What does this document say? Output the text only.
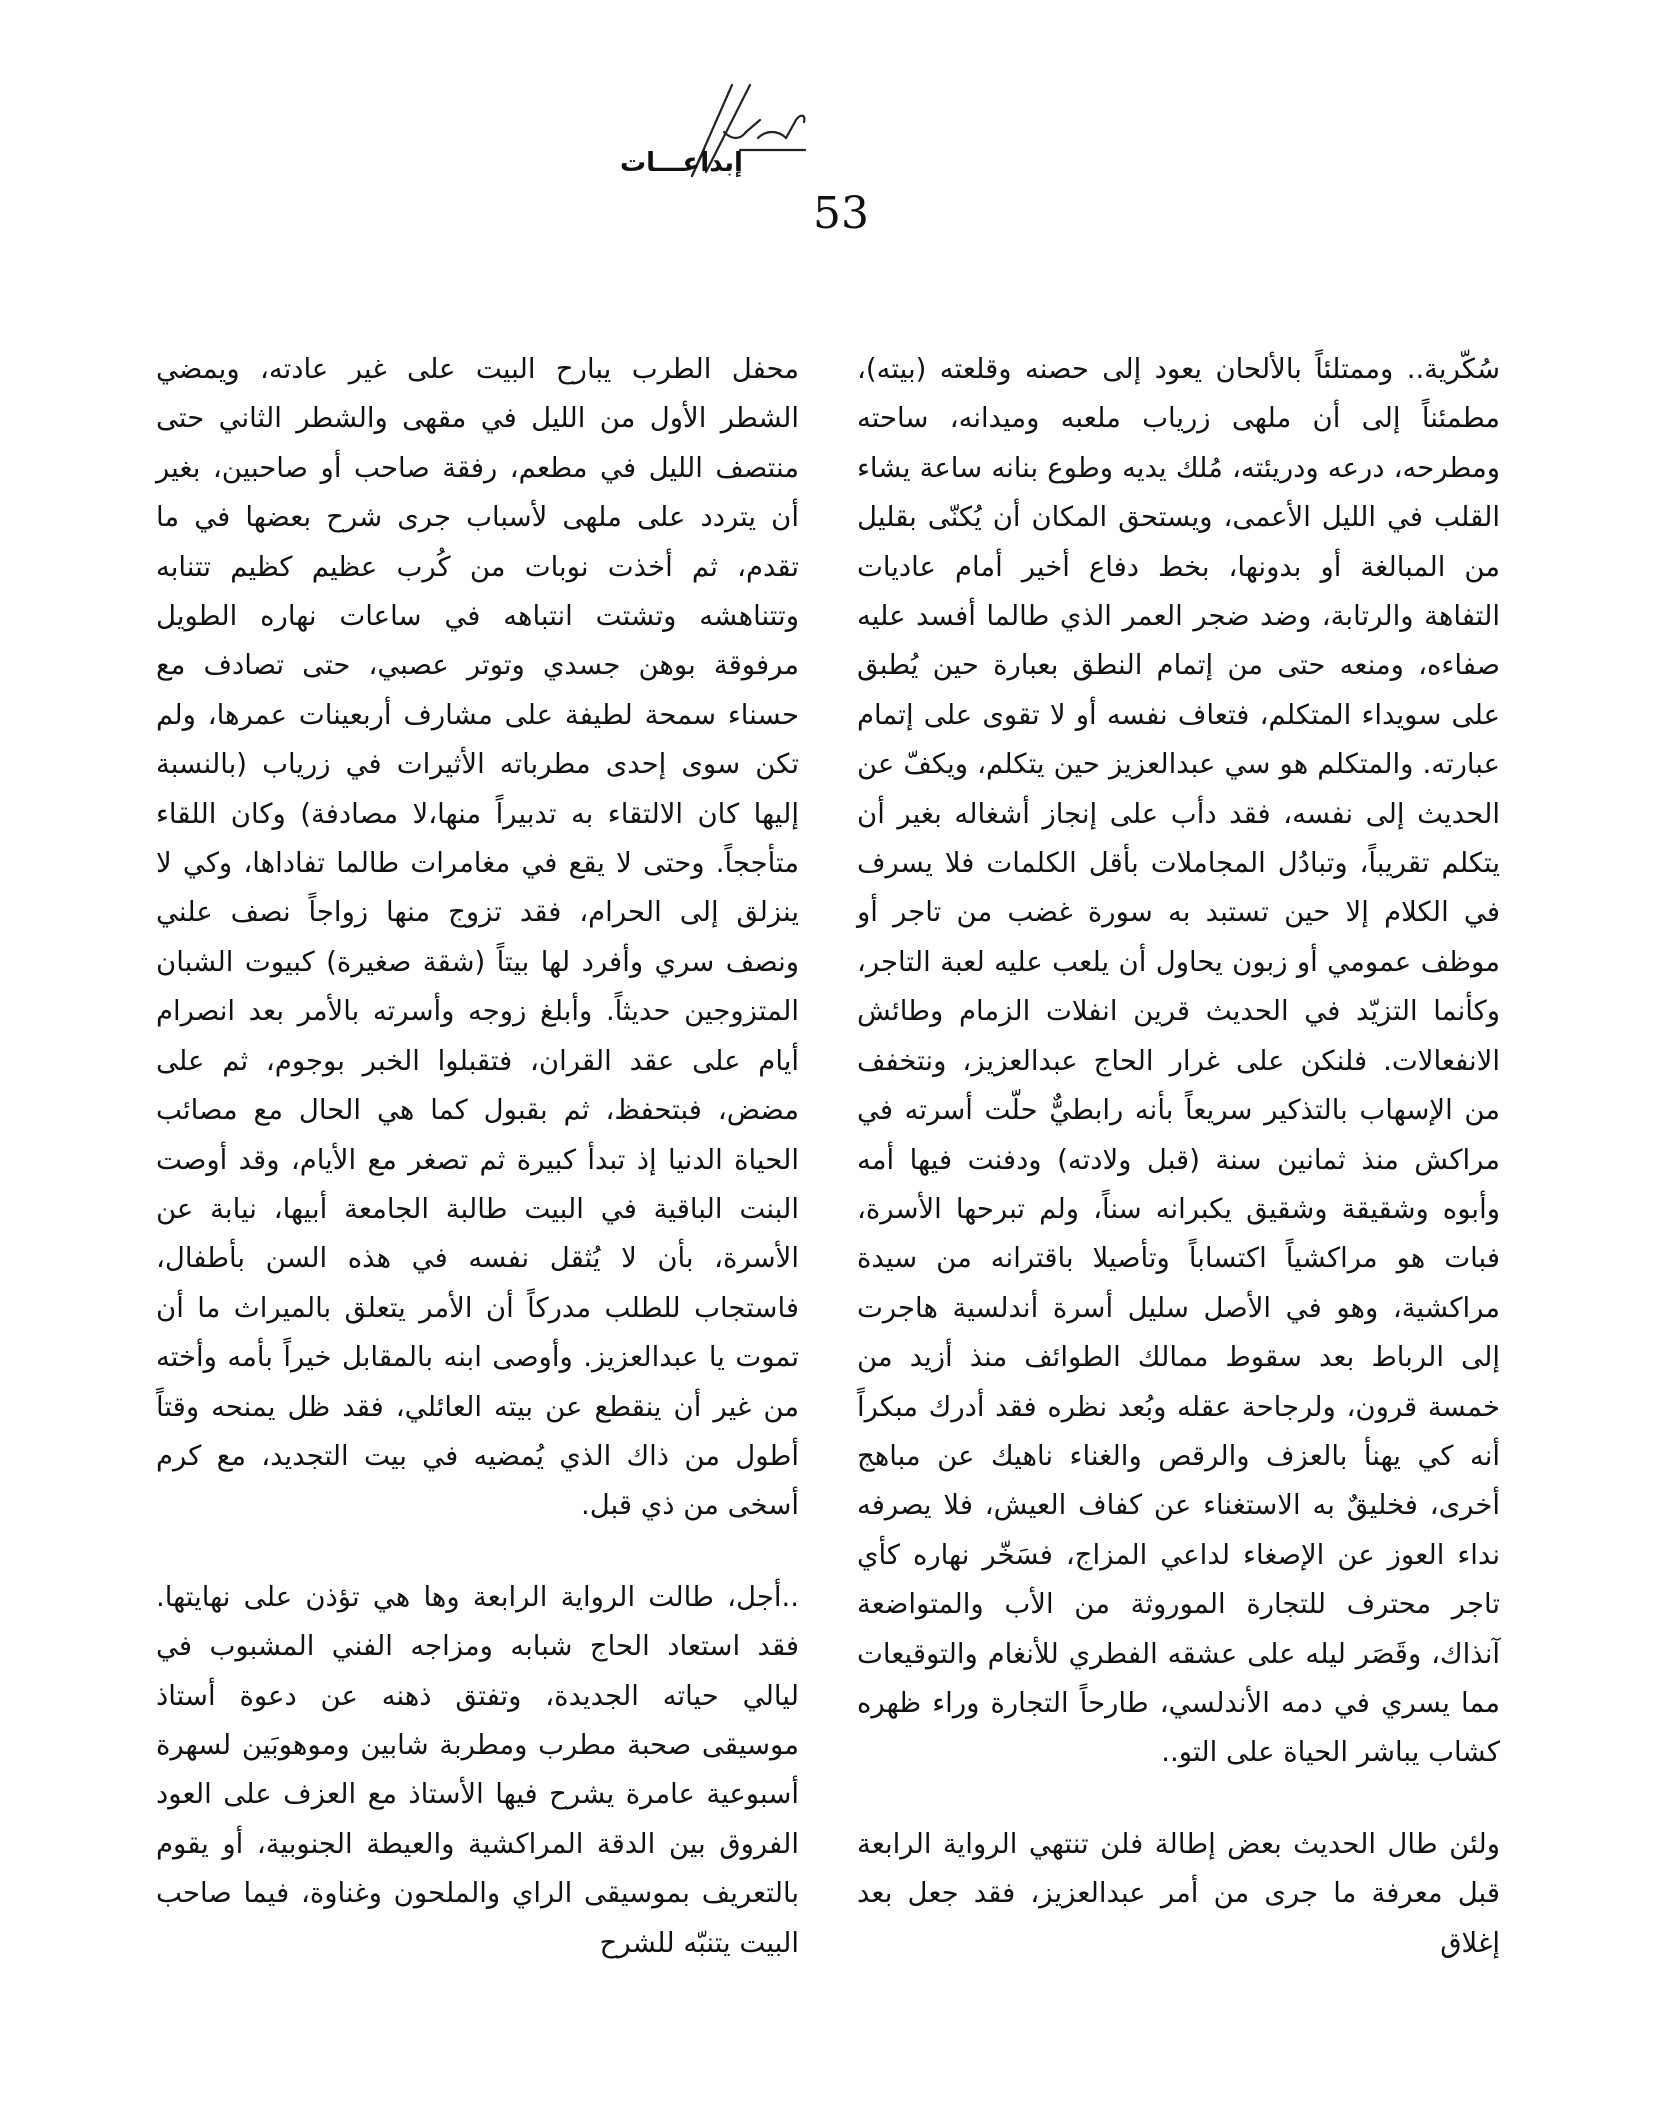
إبداعـــات
53

سُكّرية.. وممتلئاً بالألحان يعود إلى حصنه وقلعته (بيته)، مطمئناً إلى أن ملهى زرياب ملعبه وميدانه، ساحته ومطرحه، درعه ودريئته، مُلك يديه وطوع بنانه ساعة يشاء القلب في الليل الأعمى، ويستحق المكان أن يُكنّى بقليل من المبالغة أو بدونها، بخط دفاع أخير أمام عاديات التفاهة والرتابة، وضد ضجر العمر الذي طالما أفسد عليه صفاءه، ومنعه حتى من إتمام النطق بعبارة حين يُطبق على سويداء المتكلم، فتعاف نفسه أو لا تقوى على إتمام عبارته. والمتكلم هو سي عبدالعزيز حين يتكلم، ويكفّ عن الحديث إلى نفسه، فقد دأب على إنجاز أشغاله بغير أن يتكلم تقريباً، وتبادُل المجاملات بأقل الكلمات فلا يسرف في الكلام إلا حين تستبد به سورة غضب من تاجر أو موظف عمومي أو زبون يحاول أن يلعب عليه لعبة التاجر، وكأنما التزيّد في الحديث قرين انفلات الزمام وطائش الانفعالات. فلنكن على غرار الحاج عبدالعزيز، ونتخفف من الإسهاب بالتذكير سريعاً بأنه رابطيٌّ حلّت أسرته في مراكش منذ ثمانين سنة (قبل ولادته) ودفنت فيها أمه وأبوه وشقيقة وشقيق يكبرانه سناً، ولم تبرحها الأسرة، فبات هو مراكشياً اكتساباً وتأصيلا باقترانه من سيدة مراكشية، وهو في الأصل سليل أسرة أندلسية هاجرت إلى الرباط بعد سقوط ممالك الطوائف منذ أزيد من خمسة قرون، ولرجاحة عقله وبُعد نظره فقد أدرك مبكراً أنه كي يهنأ بالعزف والرقص والغناء ناهيك عن مباهج أخرى، فخليقٌ به الاستغناء عن كفاف العيش، فلا يصرفه نداء العوز عن الإصغاء لداعي المزاج، فسَخّر نهاره كأي تاجر محترف للتجارة الموروثة من الأب والمتواضعة آنذاك، وقَصَر ليله على عشقه الفطري للأنغام والتوقيعات مما يسري في دمه الأندلسي، طارحاً التجارة وراء ظهره كشاب يباشر الحياة على التو..

ولئن طال الحديث بعض إطالة فلن تنتهي الرواية الرابعة قبل معرفة ما جرى من أمر عبدالعزيز، فقد جعل بعد إغلاق

محفل الطرب يبارح البيت على غير عادته، ويمضي الشطر الأول من الليل في مقهى والشطر الثاني حتى منتصف الليل في مطعم، رفقة صاحب أو صاحبين، بغير أن يتردد على ملهى لأسباب جرى شرح بعضها في ما تقدم، ثم أخذت نوبات من كُرب عظيم كظيم تتنابه وتتناهشه وتشتت انتباهه في ساعات نهاره الطويل مرفوقة بوهن جسدي وتوتر عصبي، حتى تصادف مع حسناء سمحة لطيفة على مشارف أربعينات عمرها، ولم تكن سوى إحدى مطرباته الأثيرات في زرياب (بالنسبة إليها كان الالتقاء به تدبيراً منها،لا مصادفة) وكان اللقاء متأججاً. وحتى لا يقع في مغامرات طالما تفاداها، وكي لا ينزلق إلى الحرام، فقد تزوج منها زواجاً نصف علني ونصف سري وأفرد لها بيتاً (شقة صغيرة) كبيوت الشبان المتزوجين حديثاً. وأبلغ زوجه وأسرته بالأمر بعد انصرام أيام على عقد القران، فتقبلوا الخبر بوجوم، ثم على مضض، فبتحفظ، ثم بقبول كما هي الحال مع مصائب الحياة الدنيا إذ تبدأ كبيرة ثم تصغر مع الأيام، وقد أوصت البنت الباقية في البيت طالبة الجامعة أبيها، نيابة عن الأسرة، بأن لا يُثقل نفسه في هذه السن بأطفال، فاستجاب للطلب مدركاً أن الأمر يتعلق بالميراث ما أن تموت يا عبدالعزيز. وأوصى ابنه بالمقابل خيراً بأمه وأخته من غير أن ينقطع عن بيته العائلي، فقد ظل يمنحه وقتاً أطول من ذاك الذي يُمضيه في بيت التجديد، مع كرم أسخى من ذي قبل.

..أجل، طالت الرواية الرابعة وها هي تؤذن على نهايتها. فقد استعاد الحاج شبابه ومزاجه الفني المشبوب في ليالي حياته الجديدة، وتفتق ذهنه عن دعوة أستاذ موسيقى صحبة مطرب ومطربة شابين وموهوبَين لسهرة أسبوعية عامرة يشرح فيها الأستاذ مع العزف على العود الفروق بين الدقة المراكشية والعيطة الجنوبية، أو يقوم بالتعريف بموسيقى الراي والملحون وغناوة، فيما صاحب البيت يتنبّه للشرح
